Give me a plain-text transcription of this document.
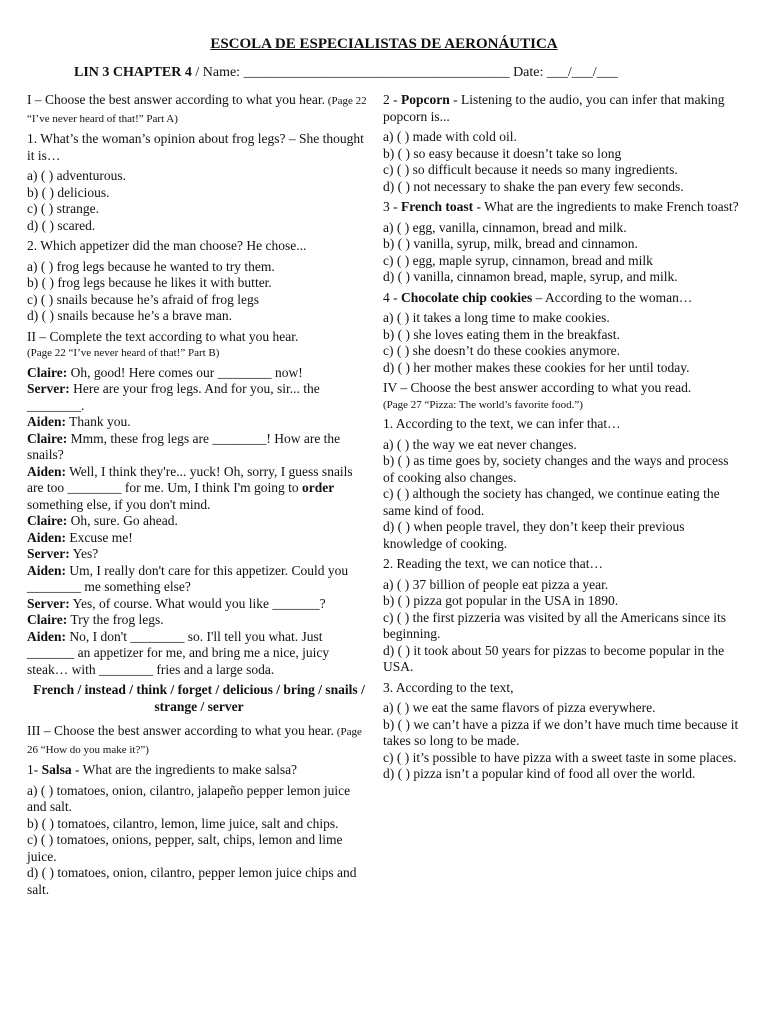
ESCOLA DE ESPECIALISTAS DE AERONÁUTICA
LIN 3 CHAPTER 4 / Name: ______________________________________ Date: ___/___/___

I – Choose the best answer according to what you hear. (Page 22 “I’ve never heard of that!” Part A)

1. What’s the woman’s opinion about frog legs? – She thought it is…

a) ( ) adventurous.

b) ( ) delicious.

c) ( ) strange.

d) ( ) scared.

2. Which appetizer did the man choose? He chose...

a) ( ) frog legs because he wanted to try them.

b) ( ) frog legs because he likes it with butter.

c) ( ) snails because he’s afraid of frog legs

d) ( ) snails because he’s a brave man.

II – Complete the text according to what you hear.

(Page 22 “I’ve never heard of that!” Part B)

Claire: Oh, good! Here comes our ________ now!

Server: Here are your frog legs. And for you, sir... the ________.

Aiden: Thank you.

Claire: Mmm, these frog legs are ________! How are the snails?

Aiden: Well, I think they're... yuck! Oh, sorry, I guess snails are too ________ for me. Um, I think I'm going to order something else, if you don't mind.

Claire: Oh, sure. Go ahead.

Aiden: Excuse me!

Server: Yes?

Aiden: Um, I really don't care for this appetizer. Could you ________ me something else?

Server: Yes, of course. What would you like _______?

Claire: Try the frog legs.

Aiden: No, I don't ________ so. I'll tell you what. Just _______ an appetizer for me, and bring me a nice, juicy steak… with ________ fries and a large soda.

French / instead / think / forget / delicious / bring / snails / strange / server

III – Choose the best answer according to what you hear. (Page 26 “How do you make it?”)

1- Salsa - What are the ingredients to make salsa?

a) ( ) tomatoes, onion, cilantro, jalapeño pepper lemon juice and salt.

b) ( ) tomatoes, cilantro, lemon, lime juice, salt and chips.

c) ( ) tomatoes, onions, pepper, salt, chips, lemon and lime juice.

d) ( ) tomatoes, onion, cilantro, pepper lemon juice chips and salt.

2 - Popcorn - Listening to the audio, you can infer that making popcorn is...

a) ( ) made with cold oil.

b) ( ) so easy because it doesn’t take so long

c) ( ) so difficult because it needs so many ingredients.

d) ( ) not necessary to shake the pan every few seconds.

3 - French toast - What are the ingredients to make French toast?

a) ( ) egg, vanilla, cinnamon, bread and milk.

b) ( ) vanilla, syrup, milk, bread and cinnamon.

c) ( ) egg, maple syrup, cinnamon, bread and milk

d) ( ) vanilla, cinnamon bread, maple, syrup, and milk.

4 - Chocolate chip cookies – According to the woman…

a) ( ) it takes a long time to make cookies.

b) ( ) she loves eating them in the breakfast.

c) ( ) she doesn’t do these cookies anymore.

d) ( ) her mother makes these cookies for her until today.

IV – Choose the best answer according to what you read.

(Page 27 “Pizza: The world’s favorite food.”)

1. According to the text, we can infer that…

a) ( ) the way we eat never changes.

b) ( ) as time goes by, society changes and the ways and process of cooking also changes.

c) ( ) although the society has changed, we continue eating the same kind of food.

d) ( ) when people travel, they don’t keep their previous knowledge of cooking.

2. Reading the text, we can notice that…

a) ( ) 37 billion of people eat pizza a year.

b) ( ) pizza got popular in the USA in 1890.

c) ( ) the first pizzeria was visited by all the Americans since its beginning.

d) ( ) it took about 50 years for pizzas to become popular in the USA.

3. According to the text,

a) ( ) we eat the same flavors of pizza everywhere.

b) ( ) we can’t have a pizza if we don’t have much time because it takes so long to be made.

c) ( ) it’s possible to have pizza with a sweet taste in some places.

d) ( ) pizza isn’t a popular kind of food all over the world.
